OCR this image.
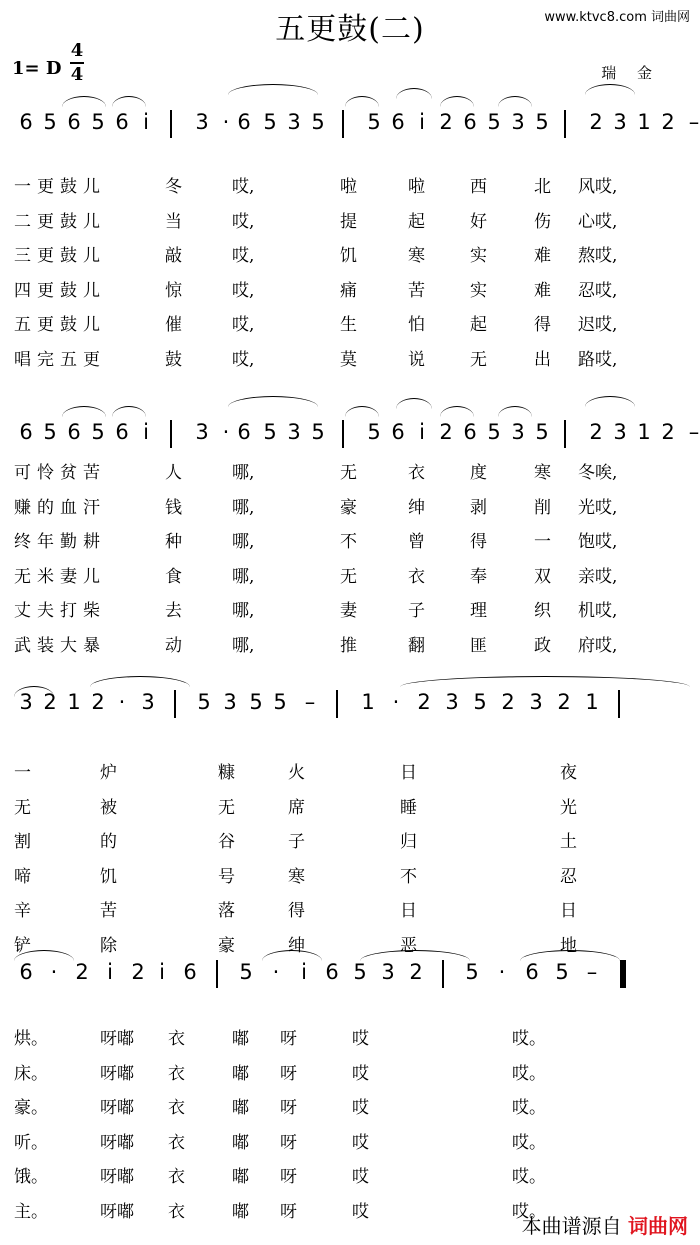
五更鼓(二)	www.ktvc8.com 词曲网
1= D
4
4	瑞 金
6 5 6 5 6 i	3 · 6 5 3 5 5 6 i 2 6 5 3 5 2 3 1 2 –
一更鼓儿	冬	哎,	啦	啦	西	北 风哎,
二更鼓儿	当	哎,	提	起	好	伤 心哎,
三更鼓儿	敲	哎,	饥	寒	实	难 熬哎,
四更鼓儿	惊	哎,	痛	苦	实	难 忍哎,
五更鼓儿	催	哎,	生	怕	起	得 迟哎,
唱完五更	鼓	哎,	莫	说	无	出 路哎,
6 5 6 5 6 i	3 · 6 5 3 5 5 6 i 2 6 5 3 5 2 3 1 2 –
可怜贫苦	人	哪,	无	衣	度	寒 冬唉,
赚的血汗	钱	哪,	豪	绅	剥	削 光哎,
终年勤耕	种	哪,	不	曾	得	一 饱哎,
无米妻儿	食	哪,	无	衣	奉	双 亲哎,
丈夫打柴	去	哪,	妻	子	理	织 机哎,
武装大暴	动	哪,	推	翻	匪	政 府哎,
3 2 1 2 · 3 5 3 5 5 – 1 · 2 3 5 2 3 2 1
一	炉	糠	火	日	夜
无	被	无	席	睡	光
割	的	谷	子	归	土
啼	饥	号	寒	不	忍
辛	苦	落	得	日	日
铲	除	豪	绅	恶	地
6 · 2 i 2 i 6 5 ·	i 6 5 3 2 5 · 6 5 –
烘。	呀嘟 衣	嘟 呀	哎	哎。
床。	呀嘟 衣	嘟 呀	哎	哎。
豪。	呀嘟 衣	嘟 呀	哎	哎。
听。	呀嘟 衣	嘟 呀	哎	哎。
饿。	呀嘟 衣	嘟 呀	哎	哎。
主。	呀嘟 衣	嘟 呀	哎	哎。
本曲谱源自 词曲网
